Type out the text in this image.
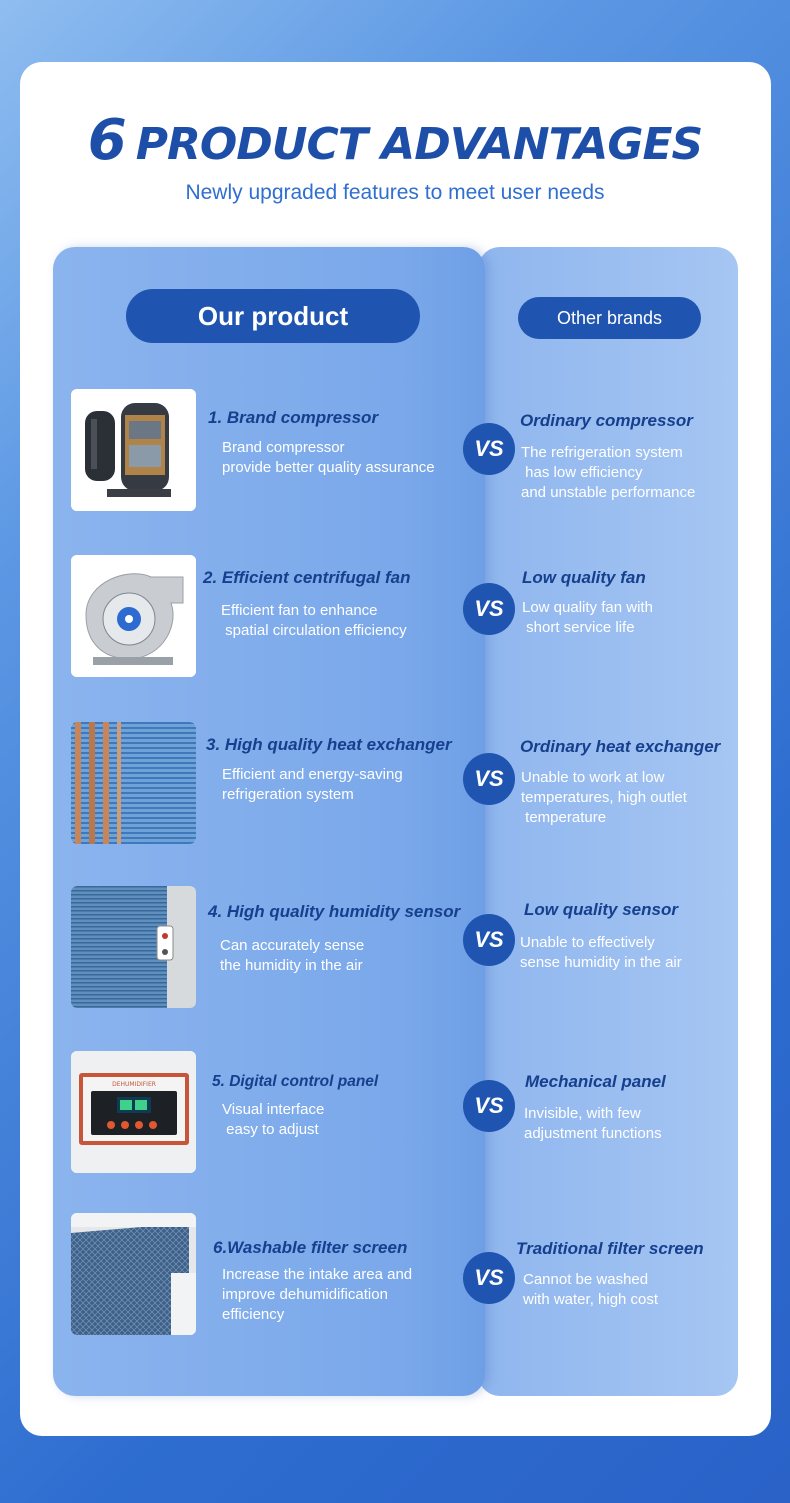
6 PRODUCT ADVANTAGES
Newly upgraded features to meet user needs
Our product	Other brands
1. Brand compressor
Brand compressor
provide better quality assurance
VS
Ordinary compressor
The refrigeration system
has low efficiency
and unstable performance
2. Efficient centrifugal fan
Efficient fan to enhance
spatial circulation efficiency
VS
Low quality fan
Low quality fan with
short service life
3. High quality heat exchanger
Efficient and energy-saving
refrigeration system
VS
Ordinary heat exchanger
Unable to work at low
temperatures, high outlet
temperature
4. High quality humidity sensor
Can accurately sense
the humidity in the air
VS
Low quality sensor
Unable to effectively
sense humidity in the air
DEHUMIDIFIER	5. Digital control panel
Visual interface
easy to adjust
VS
Mechanical panel
Invisible, with few
adjustment functions
6.Washable filter screen
Increase the intake area and
improve dehumidification
efficiency
VS
Traditional filter screen
Cannot be washed
with water, high cost
